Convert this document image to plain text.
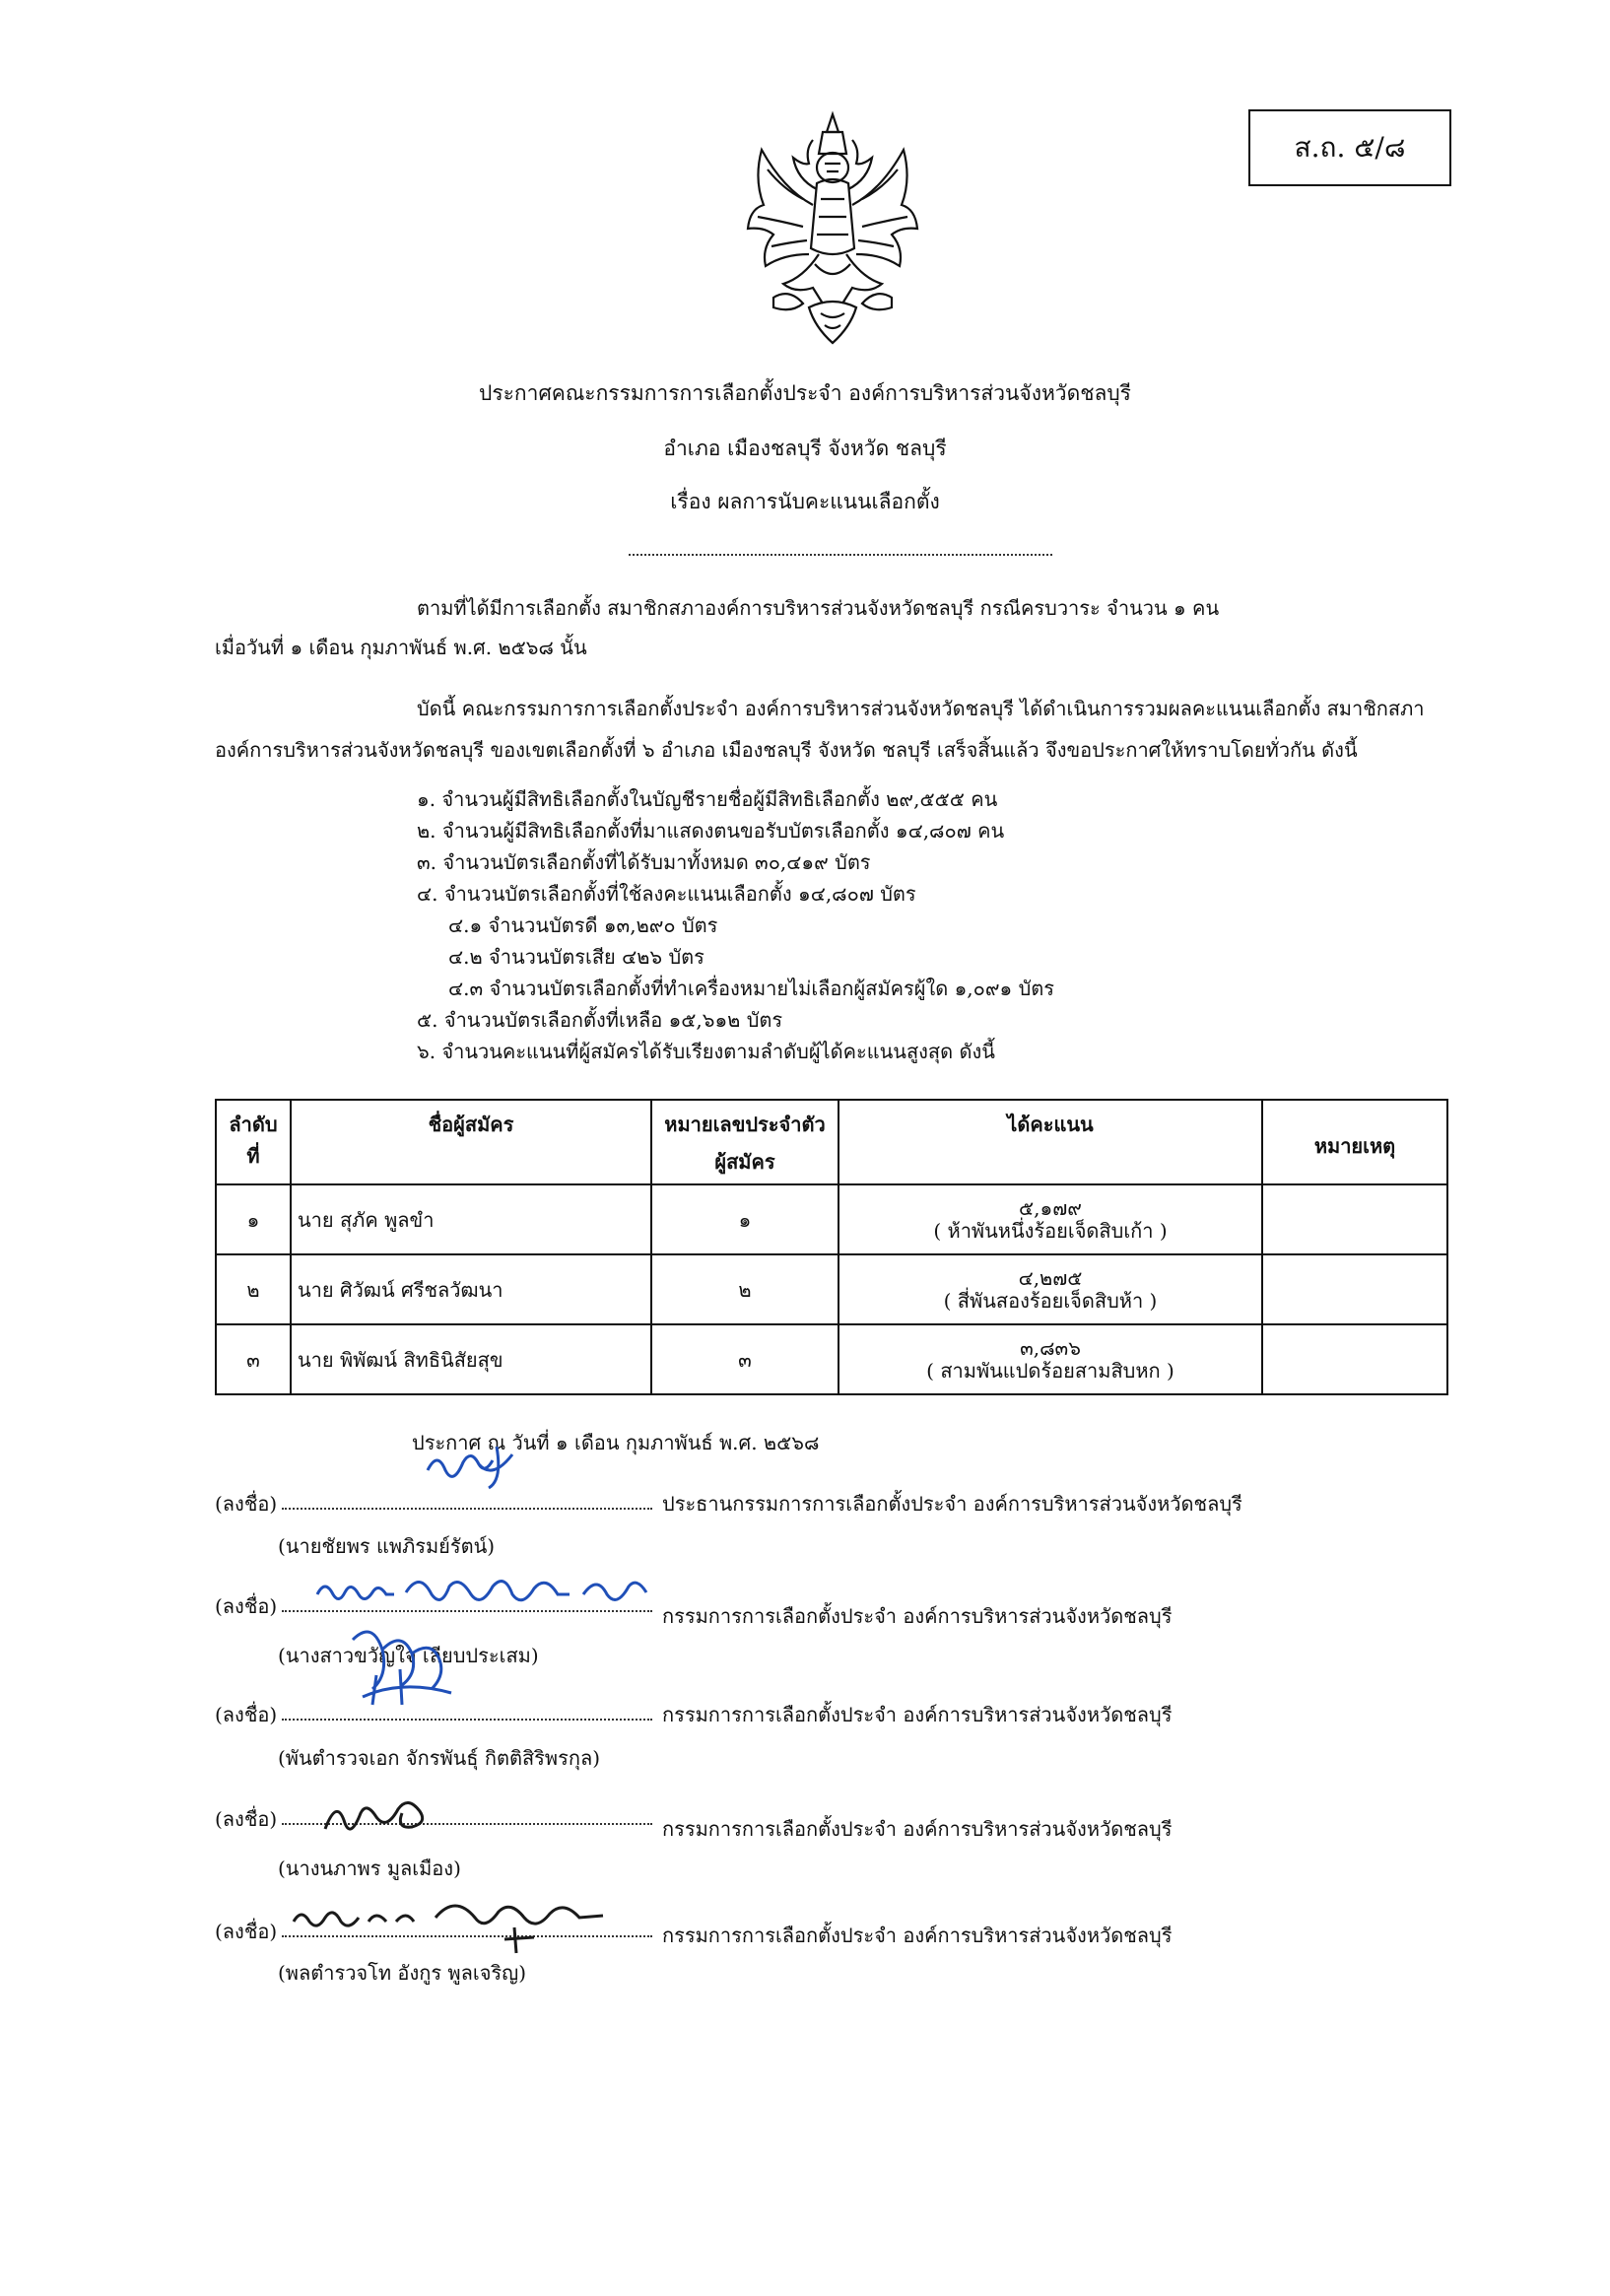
ส.ถ. ๕/๘
ประกาศคณะกรรมการการเลือกตั้งประจำ องค์การบริหารส่วนจังหวัดชลบุรี
อำเภอ เมืองชลบุรี จังหวัด ชลบุรี
เรื่อง ผลการนับคะแนนเลือกตั้ง
ตามที่ได้มีการเลือกตั้ง สมาชิกสภาองค์การบริหารส่วนจังหวัดชลบุรี กรณีครบวาระ จำนวน ๑ คน
เมื่อวันที่ ๑ เดือน กุมภาพันธ์ พ.ศ. ๒๕๖๘ นั้น
บัดนี้ คณะกรรมการการเลือกตั้งประจำ องค์การบริหารส่วนจังหวัดชลบุรี ได้ดำเนินการรวมผลคะแนนเลือกตั้ง สมาชิกสภา
องค์การบริหารส่วนจังหวัดชลบุรี ของเขตเลือกตั้งที่ ๖ อำเภอ เมืองชลบุรี จังหวัด ชลบุรี เสร็จสิ้นแล้ว จึงขอประกาศให้ทราบโดยทั่วกัน ดังนี้
๑. จำนวนผู้มีสิทธิเลือกตั้งในบัญชีรายชื่อผู้มีสิทธิเลือกตั้ง ๒๙,๕๕๕ คน
๒. จำนวนผู้มีสิทธิเลือกตั้งที่มาแสดงตนขอรับบัตรเลือกตั้ง ๑๔,๘๐๗ คน
๓. จำนวนบัตรเลือกตั้งที่ได้รับมาทั้งหมด ๓๐,๔๑๙ บัตร
๔. จำนวนบัตรเลือกตั้งที่ใช้ลงคะแนนเลือกตั้ง ๑๔,๘๐๗ บัตร
๔.๑ จำนวนบัตรดี ๑๓,๒๙๐ บัตร
๔.๒ จำนวนบัตรเสีย ๔๒๖ บัตร
๔.๓ จำนวนบัตรเลือกตั้งที่ทำเครื่องหมายไม่เลือกผู้สมัครผู้ใด ๑,๐๙๑ บัตร
๕. จำนวนบัตรเลือกตั้งที่เหลือ ๑๕,๖๑๒ บัตร
๖. จำนวนคะแนนที่ผู้สมัครได้รับเรียงตามลำดับผู้ได้คะแนนสูงสุด ดังนี้
ลำดับที่	ชื่อผู้สมัคร	หมายเลขประจำตัว
ผู้สมัคร	ได้คะแนน	หมายเหตุ
๑	นาย สุภัค พูลขำ	๑	๕,๑๗๙
( ห้าพันหนึ่งร้อยเจ็ดสิบเก้า )	

๒	นาย ศิวัฒน์ ศรีชลวัฒนา	๒	๔,๒๗๕
( สี่พันสองร้อยเจ็ดสิบห้า )	

๓	นาย พิพัฒน์ สิทธินิสัยสุข	๓	๓,๘๓๖
( สามพันแปดร้อยสามสิบหก )	

ประกาศ ณ วันที่ ๑ เดือน กุมภาพันธ์ พ.ศ. ๒๕๖๘
(ลงชื่อ)	ประธานกรรมการการเลือกตั้งประจำ องค์การบริหารส่วนจังหวัดชลบุรี
(นายชัยพร แพภิรมย์รัตน์)
(ลงชื่อ)	กรรมการการเลือกตั้งประจำ องค์การบริหารส่วนจังหวัดชลบุรี
(นางสาวขวัญใจ เลียบประเสม)
(ลงชื่อ)	กรรมการการเลือกตั้งประจำ องค์การบริหารส่วนจังหวัดชลบุรี
(พันตำรวจเอก จักรพันธุ์ กิตติสิริพรกุล)
(ลงชื่อ)	กรรมการการเลือกตั้งประจำ องค์การบริหารส่วนจังหวัดชลบุรี
(นางนภาพร มูลเมือง)
(ลงชื่อ)	กรรมการการเลือกตั้งประจำ องค์การบริหารส่วนจังหวัดชลบุรี
(พลตำรวจโท อังกูร พูลเจริญ)
